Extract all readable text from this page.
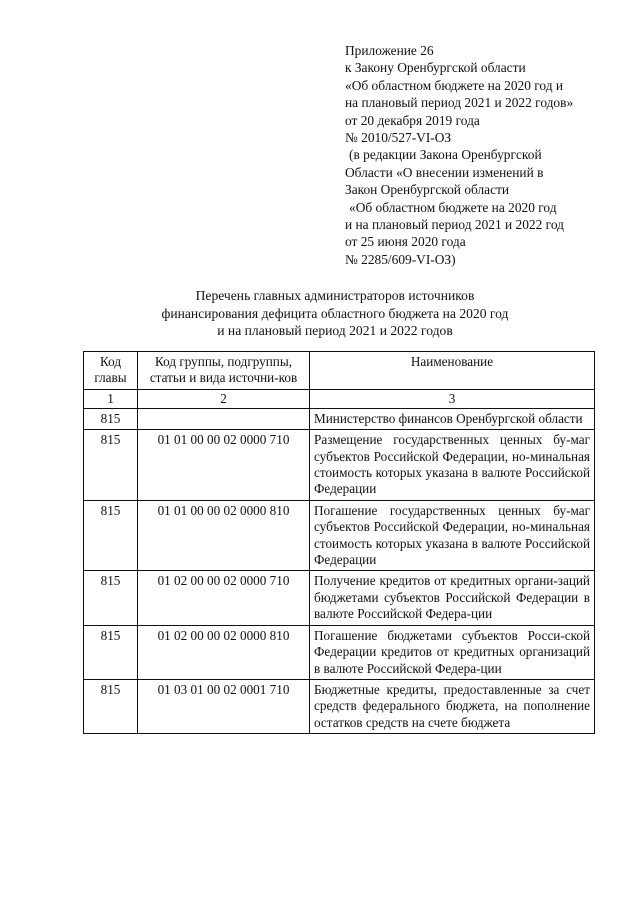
Приложение 26
к Закону Оренбургской области
«Об областном бюджете на 2020 год и
на плановый период 2021 и 2022 годов»
от 20 декабря 2019 года
№ 2010/527-VI-ОЗ
(в редакции Закона Оренбургской
Области «О внесении изменений в
Закон Оренбургской области
«Об областном бюджете на 2020 год
и на плановый период 2021 и 2022 год
от 25 июня 2020 года
№ 2285/609-VI-ОЗ)
Перечень главных администраторов источников
финансирования дефицита областного бюджета на 2020 год
и на плановый период 2021 и 2022 годов
Код главы	Код группы, подгруппы, статьи и вида источни-ков	Наименование
1	2	3
815		Министерство финансов Оренбургской области
815	01 01 00 00 02 0000 710	Размещение государственных ценных бу-маг субъектов Российской Федерации, но-минальная стоимость которых указана в валюте Российской Федерации
815	01 01 00 00 02 0000 810	Погашение государственных ценных бу-маг субъектов Российской Федерации, но-минальная стоимость которых указана в валюте Российской Федерации
815	01 02 00 00 02 0000 710	Получение кредитов от кредитных органи-заций бюджетами субъектов Российской Федерации в валюте Российской Федера-ции
815	01 02 00 00 02 0000 810	Погашение бюджетами субъектов Росси-ской Федерации кредитов от кредитных организаций в валюте Российской Федера-ции
815	01 03 01 00 02 0001 710	Бюджетные кредиты, предоставленные за счет средств федерального бюджета, на пополнение остатков средств на счете бюджета
